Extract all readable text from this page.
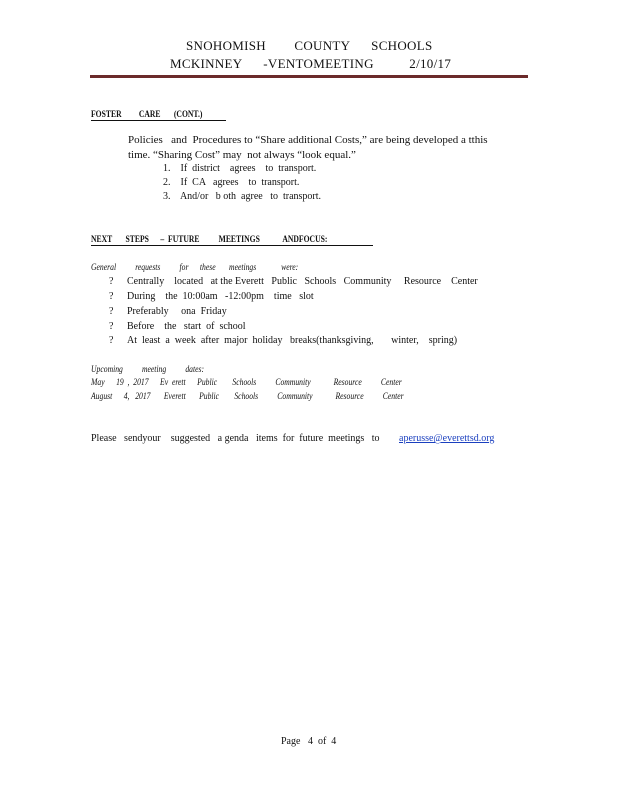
SNOHOMISH        COUNTY      SCHOOLS
MCKINNEY      -VENTOMEETING          2/10/17
FOSTER         CARE       (CONT.)
Policies   and  Procedures to “Share additional Costs,” are being developed a tthis
time. “Sharing Cost” may  not always “look equal.”
1.    If  district    agrees    to  transport.
2.    If  CA   agrees    to  transport.
3.    And/or   b oth  agree   to  transport.
NEXT       STEPS      –  FUTURE          MEETINGS            ANDFOCUS:
General          requests          for      these       meetings             were:
? Centrally    located   at the Everett   Public   Schools   Community     Resource    Center
? During    the  10:00am   -12:00pm    time   slot
? Preferably     ona  Friday
? Before    the   start  of  school
? At  least  a  week  after  major  holiday   breaks(thanksgiving,       winter,    spring)
Upcoming          meeting          dates:
May      19  ,  2017      Ev  erett      Public        Schools          Community            Resource          Center
August      4,   2017       Everett       Public        Schools          Community            Resource          Center
Please   sendyour    suggested   a genda   items  for  future  meetings   to aperusse@everettsd.org
Page   4  of  4
